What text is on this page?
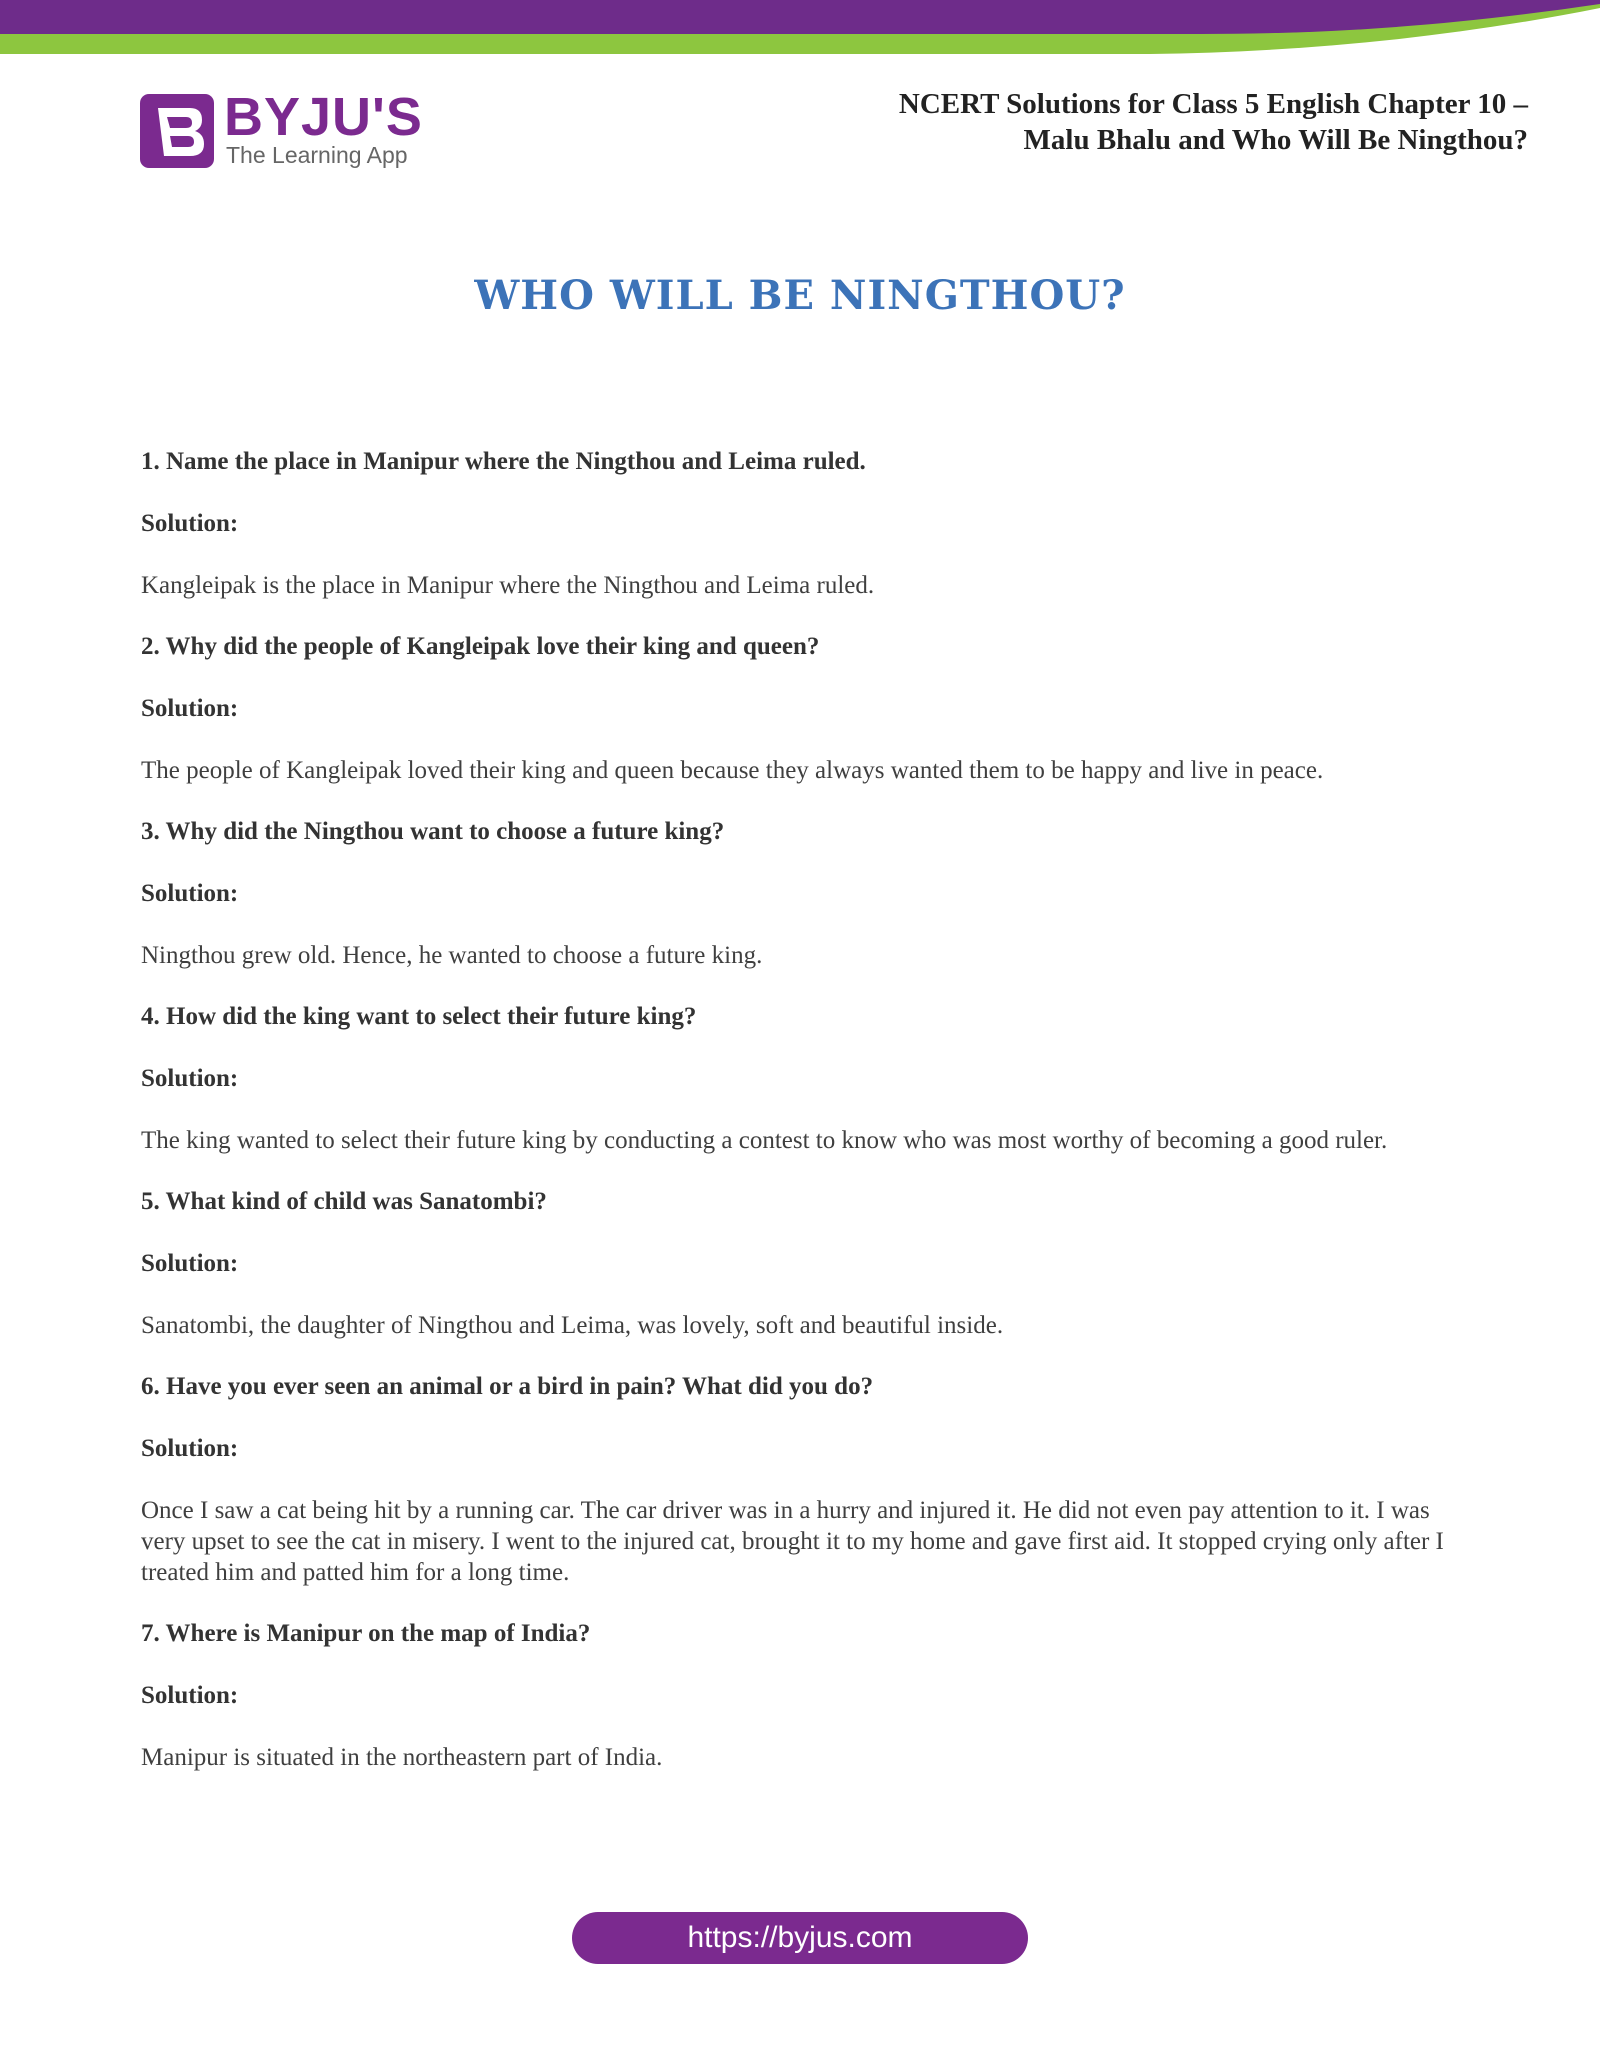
BYJU'S
The Learning App
NCERT Solutions for Class 5 English Chapter 10 –
Malu Bhalu and Who Will Be Ningthou?
WHO WILL BE NINGTHOU?

1. Name the place in Manipur where the Ningthou and Leima ruled.

Solution:

Kangleipak is the place in Manipur where the Ningthou and Leima ruled.

2. Why did the people of Kangleipak love their king and queen?

Solution:

The people of Kangleipak loved their king and queen because they always wanted them to be happy and live in peace.

3. Why did the Ningthou want to choose a future king?

Solution:

Ningthou grew old. Hence, he wanted to choose a future king.

4. How did the king want to select their future king?

Solution:

The king wanted to select their future king by conducting a contest to know who was most worthy of becoming a good ruler.

5. What kind of child was Sanatombi?

Solution:

Sanatombi, the daughter of Ningthou and Leima, was lovely, soft and beautiful inside.

6. Have you ever seen an animal or a bird in pain? What did you do?

Solution:

Once I saw a cat being hit by a running car. The car driver was in a hurry and injured it. He did not even pay attention to it. I was very upset to see the cat in misery. I went to the injured cat, brought it to my home and gave first aid. It stopped crying only after I treated him and patted him for a long time.

7. Where is Manipur on the map of India?

Solution:

Manipur is situated in the northeastern part of India.

https://byjus.com
